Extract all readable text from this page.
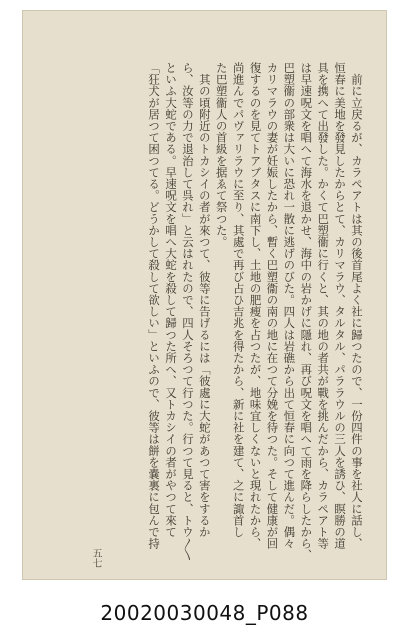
　前に立戻るが、カラペアトは其の後首尾よく社に歸つたので、一份四件の事を社人に話し、
恒春に美地を發見したからとて、カリマラウ、タルタル、パララウルの三人を誘ひ、瞑勝の道
具を携へて出發した。かくて巴塑衞に行くと、其の地の者共が戰を挑んだから、カラペアト等
は早速呪文を唱へて海水を退かせ、海中の岩かげに隱れ、再び呪文を唱へて雨を降らしたから、
巴塑衞の部衆は大いに恐れ一散に逃げのびた。四人は岩礁から出て恒春に向つて進んだ。偶々
カリマラウの妻が妊娠したから、暫く巴塑衞の南の地に在つて分娩を待つた。そして健康が回
復するのを見てトアブタスに南下し、土地の肥瘦を占つたが、地味宜しくないと現れたから、
尚進んでパヴァリラウに至り、其處で再び占ひ吉兆を得たから、新に社を建て、之に諏首し
た巴塑衞人の首級を据ゑて祭つた。
　其の頃附近のトカシイの者が來つて、彼等に告げるには「彼處に大蛇があつて害をするか
ら、汝等の力で退治して呉れ」と云はれたので、四人そろつて行つた。行つて見ると、トウ〳〵
といふ大蛇である。早速呪文を唱へ大蛇を殺して歸つた所へ、又トカシイの者がやつて來て
「狂犬が居つて困つてる。どうかして殺して欲しい」といふので、彼等は餅を嚢裏に包んで持
五七
20020030048_P088
